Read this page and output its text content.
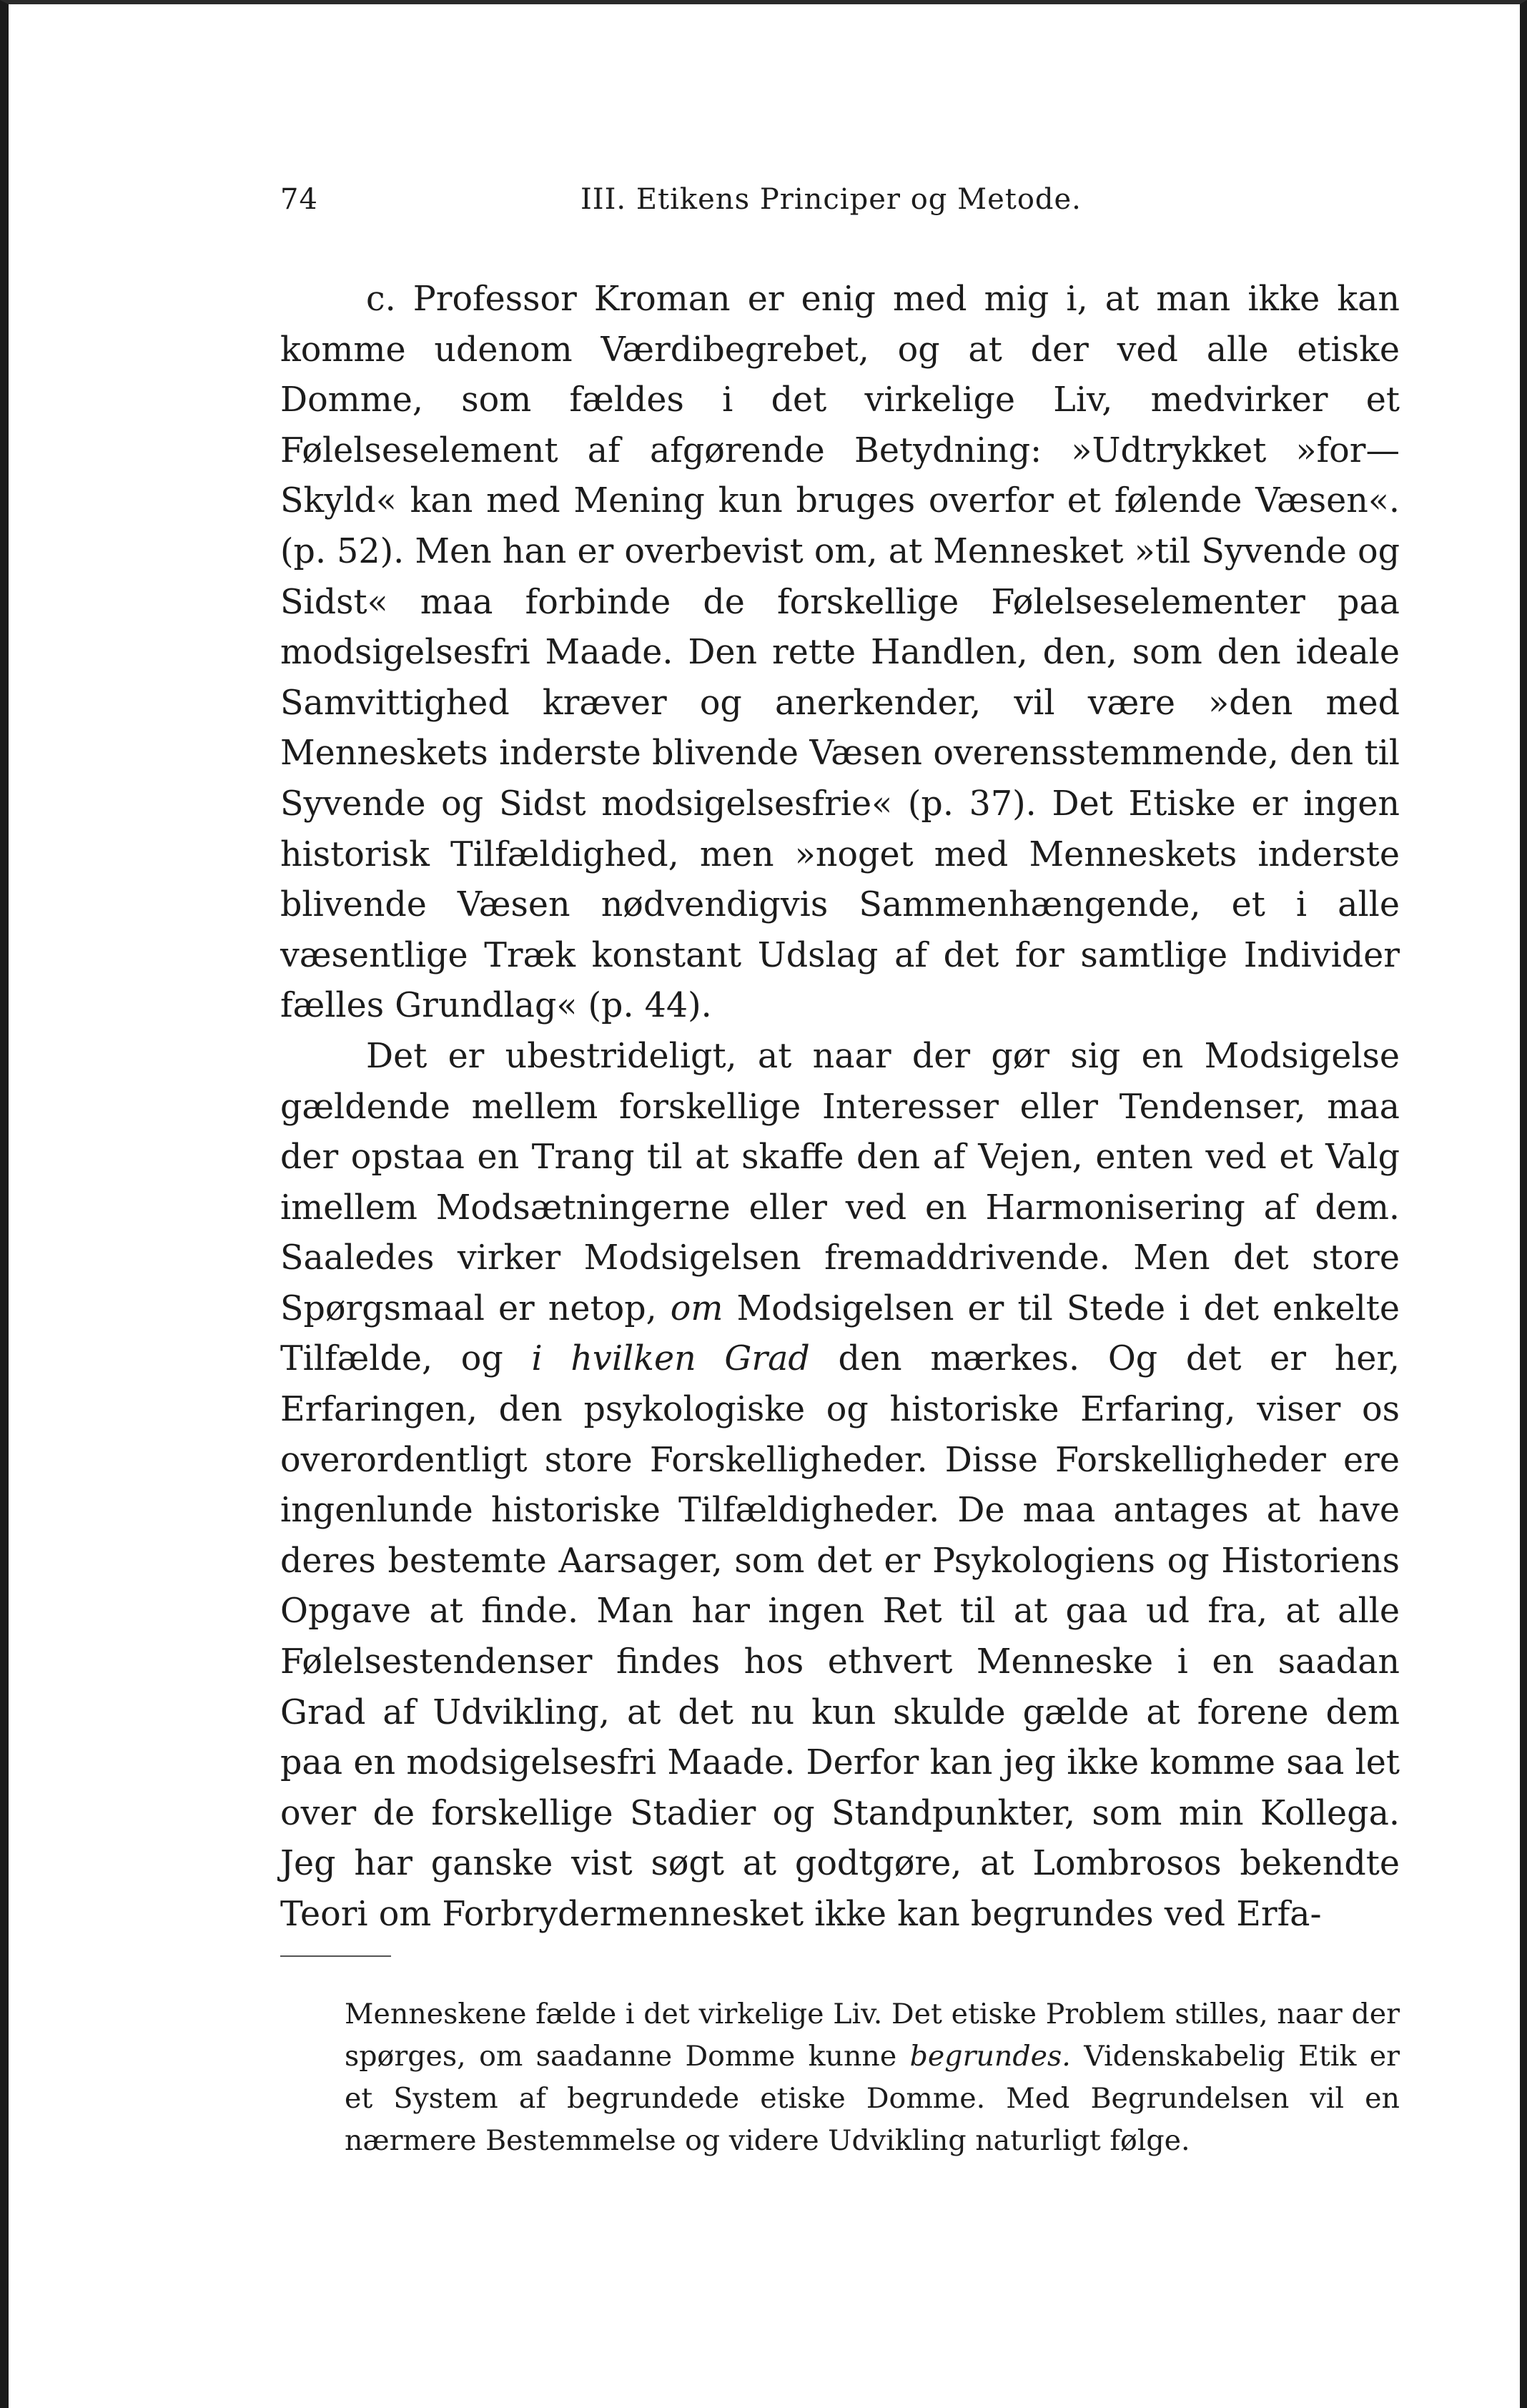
74	III. Etikens Principer og Metode.

c. Professor Kroman er enig med mig i, at man ikke kan komme udenom Værdibegrebet, og at der ved alle etiske Domme, som fældes i det virkelige Liv, medvirker et Følelseselement af afgørende Betydning: »Udtrykket »for—Skyld« kan med Mening kun bruges overfor et følende Væsen«. (p. 52). Men han er overbevist om, at Mennesket »til Syvende og Sidst« maa forbinde de forskellige Følelseselementer paa modsigelsesfri Maade. Den rette Handlen, den, som den ideale Samvittighed kræver og anerkender, vil være »den med Menneskets inderste blivende Væsen overensstemmende, den til Syvende og Sidst modsigelsesfrie« (p. 37). Det Etiske er ingen historisk Tilfældighed, men »noget med Menneskets inderste blivende Væsen nødvendigvis Sammenhængende, et i alle væsentlige Træk konstant Udslag af det for samtlige Individer fælles Grundlag« (p. 44).

Det er ubestrideligt, at naar der gør sig en Modsigelse gældende mellem forskellige Interesser eller Tendenser, maa der opstaa en Trang til at skaffe den af Vejen, enten ved et Valg imellem Modsætningerne eller ved en Harmonisering af dem. Saaledes virker Modsigelsen fremaddrivende. Men det store Spørgsmaal er netop, om Modsigelsen er til Stede i det enkelte Tilfælde, og i hvilken Grad den mærkes. Og det er her, Erfaringen, den psykologiske og historiske Erfaring, viser os overordentligt store Forskelligheder. Disse Forskelligheder ere ingenlunde historiske Tilfældigheder. De maa antages at have deres bestemte Aarsager, som det er Psykologiens og Historiens Opgave at finde. Man har ingen Ret til at gaa ud fra, at alle Følelsestendenser findes hos ethvert Menneske i en saadan Grad af Udvikling, at det nu kun skulde gælde at forene dem paa en modsigelsesfri Maade. Derfor kan jeg ikke komme saa let over de forskellige Stadier og Standpunkter, som min Kollega. Jeg har ganske vist søgt at godtgøre, at Lombrosos bekendte Teori om Forbrydermennesket ikke kan begrundes ved Erfa-

Menneskene fælde i det virkelige Liv. Det etiske Problem stilles, naar der spørges, om saadanne Domme kunne begrundes. Videnskabelig Etik er et System af begrundede etiske Domme. Med Begrundelsen vil en nærmere Bestemmelse og videre Udvikling naturligt følge.
